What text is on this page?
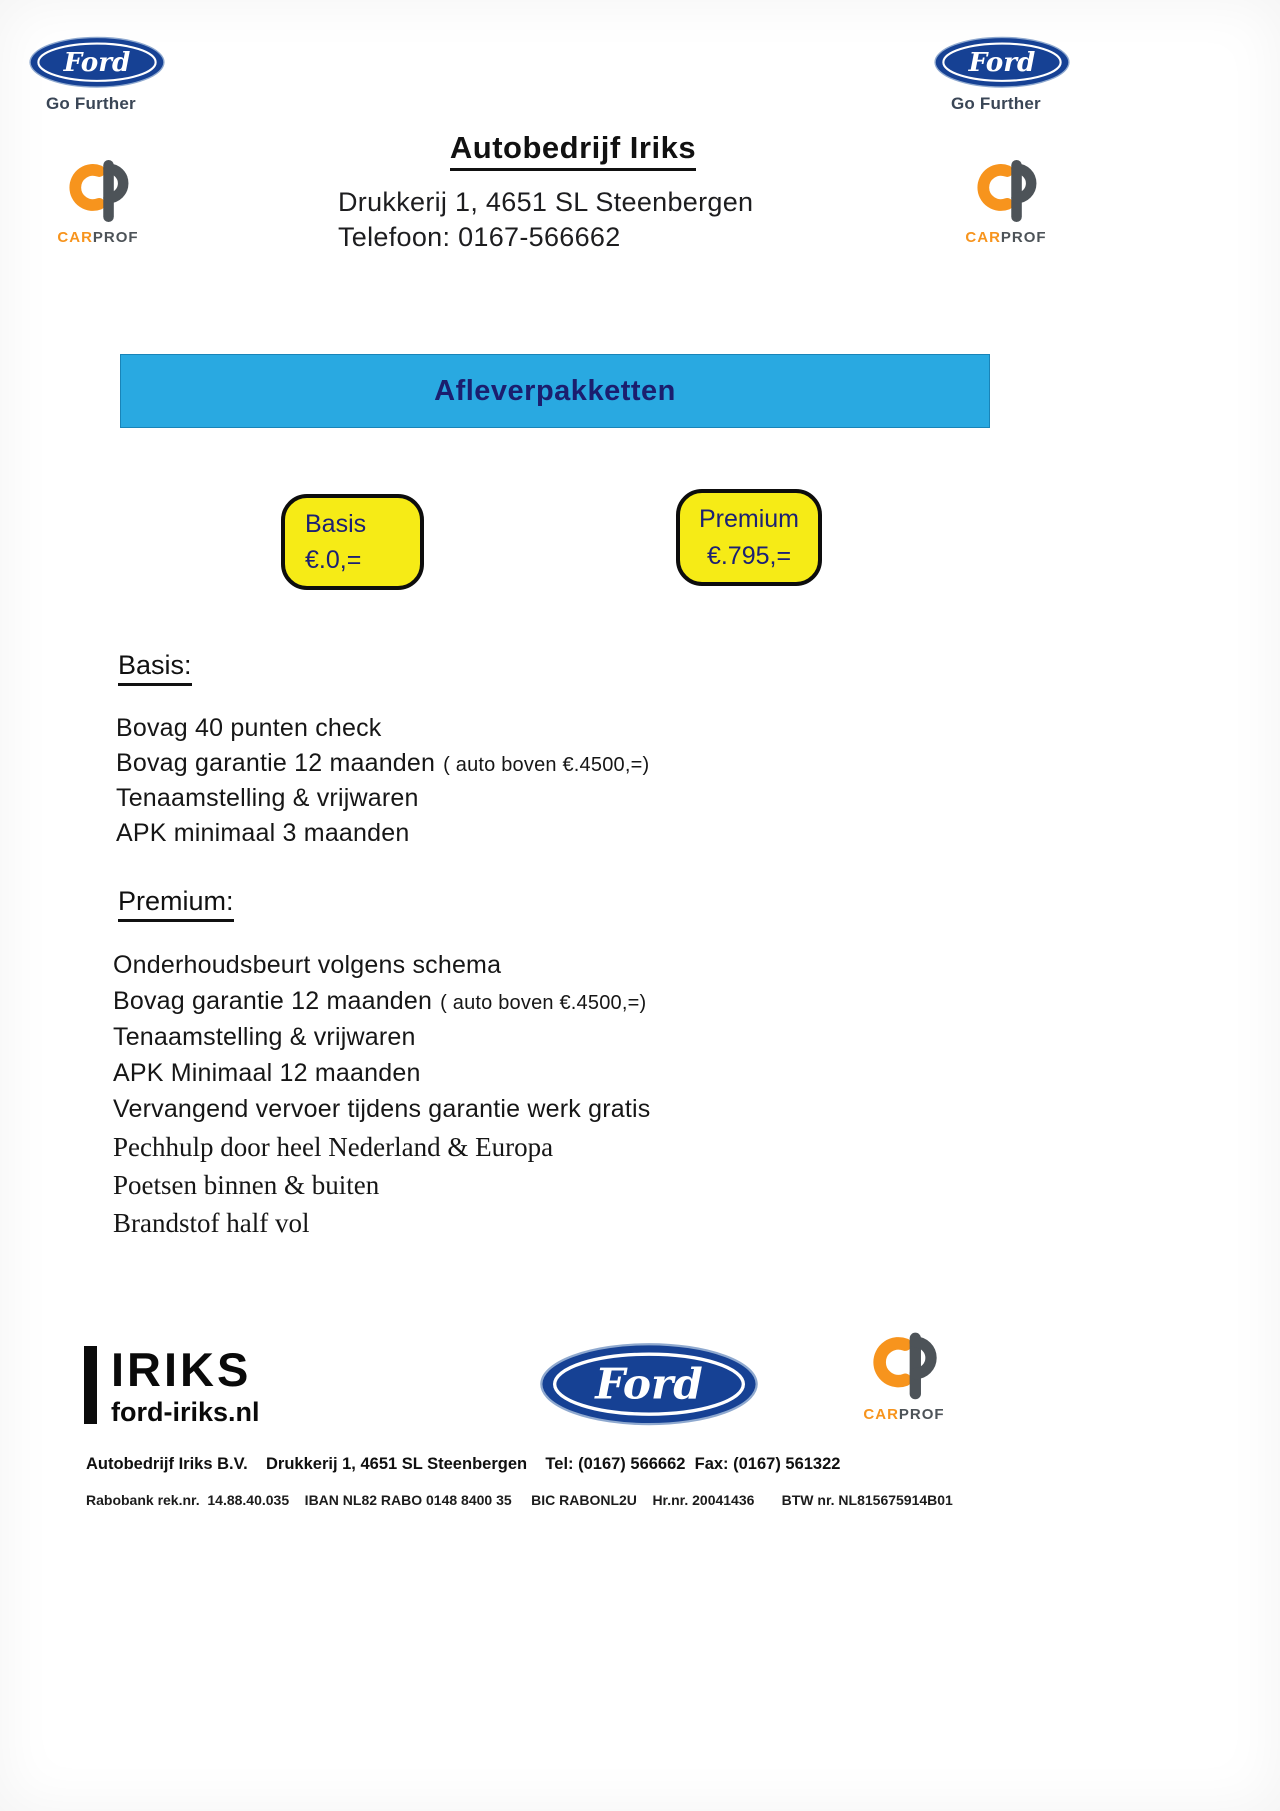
Ford
Go Further
Ford
Go Further
CARPROF	CARPROF
Autobedrijf Iriks
Drukkerij 1, 4651 SL Steenbergen
Telefoon: 0167-566662
Afleverpakketten
Basis
€.0,=
Premium
€.795,=
Basis:
Bovag 40 punten check
Bovag garantie 12 maanden ( auto boven €.4500,=)
Tenaamstelling & vrijwaren
APK minimaal 3 maanden
Premium:
Onderhoudsbeurt volgens schema
Bovag garantie 12 maanden ( auto boven €.4500,=)
Tenaamstelling & vrijwaren
APK Minimaal 12 maanden
Vervangend vervoer tijdens garantie werk gratis
Pechhulp door heel Nederland & Europa
Poetsen binnen & buiten
Brandstof half vol
IRIKS
ford-iriks.nl
Ford
CARPROF
Autobedrijf Iriks B.V.    Drukkerij 1, 4651 SL Steenbergen    Tel: (0167) 566662  Fax: (0167) 561322
Rabobank rek.nr.  14.88.40.035    IBAN NL82 RABO 0148 8400 35     BIC RABONL2U    Hr.nr. 20041436       BTW nr. NL815675914B01
